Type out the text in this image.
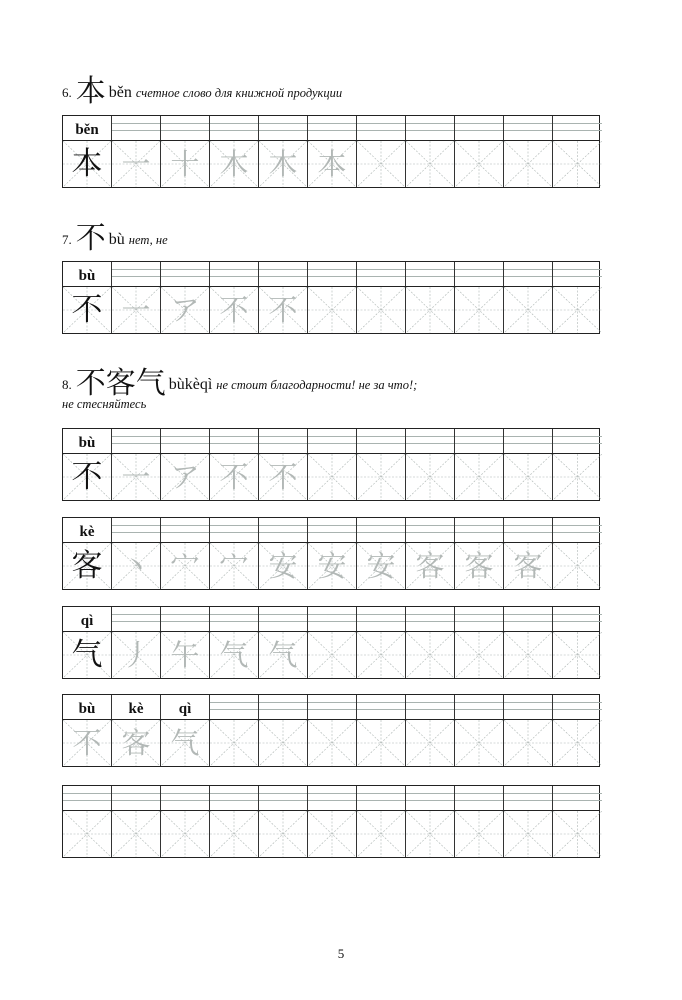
6. 本 běn счетное слово для книжной продукции
běn
本 一 十 木 木 本
7. 不 bù нет, не
bù
不 一 ア 不 不
8. 不客气 bùkèqì не стоит благодарности! не за что!;
не стесняйтесь
bù
不 一 ア 不 不
kè
客 丶 宀 宀 安 安 安 客 客 客
qì
气 丿 午 气 气
bù	kè	qì
不 客 气
5
